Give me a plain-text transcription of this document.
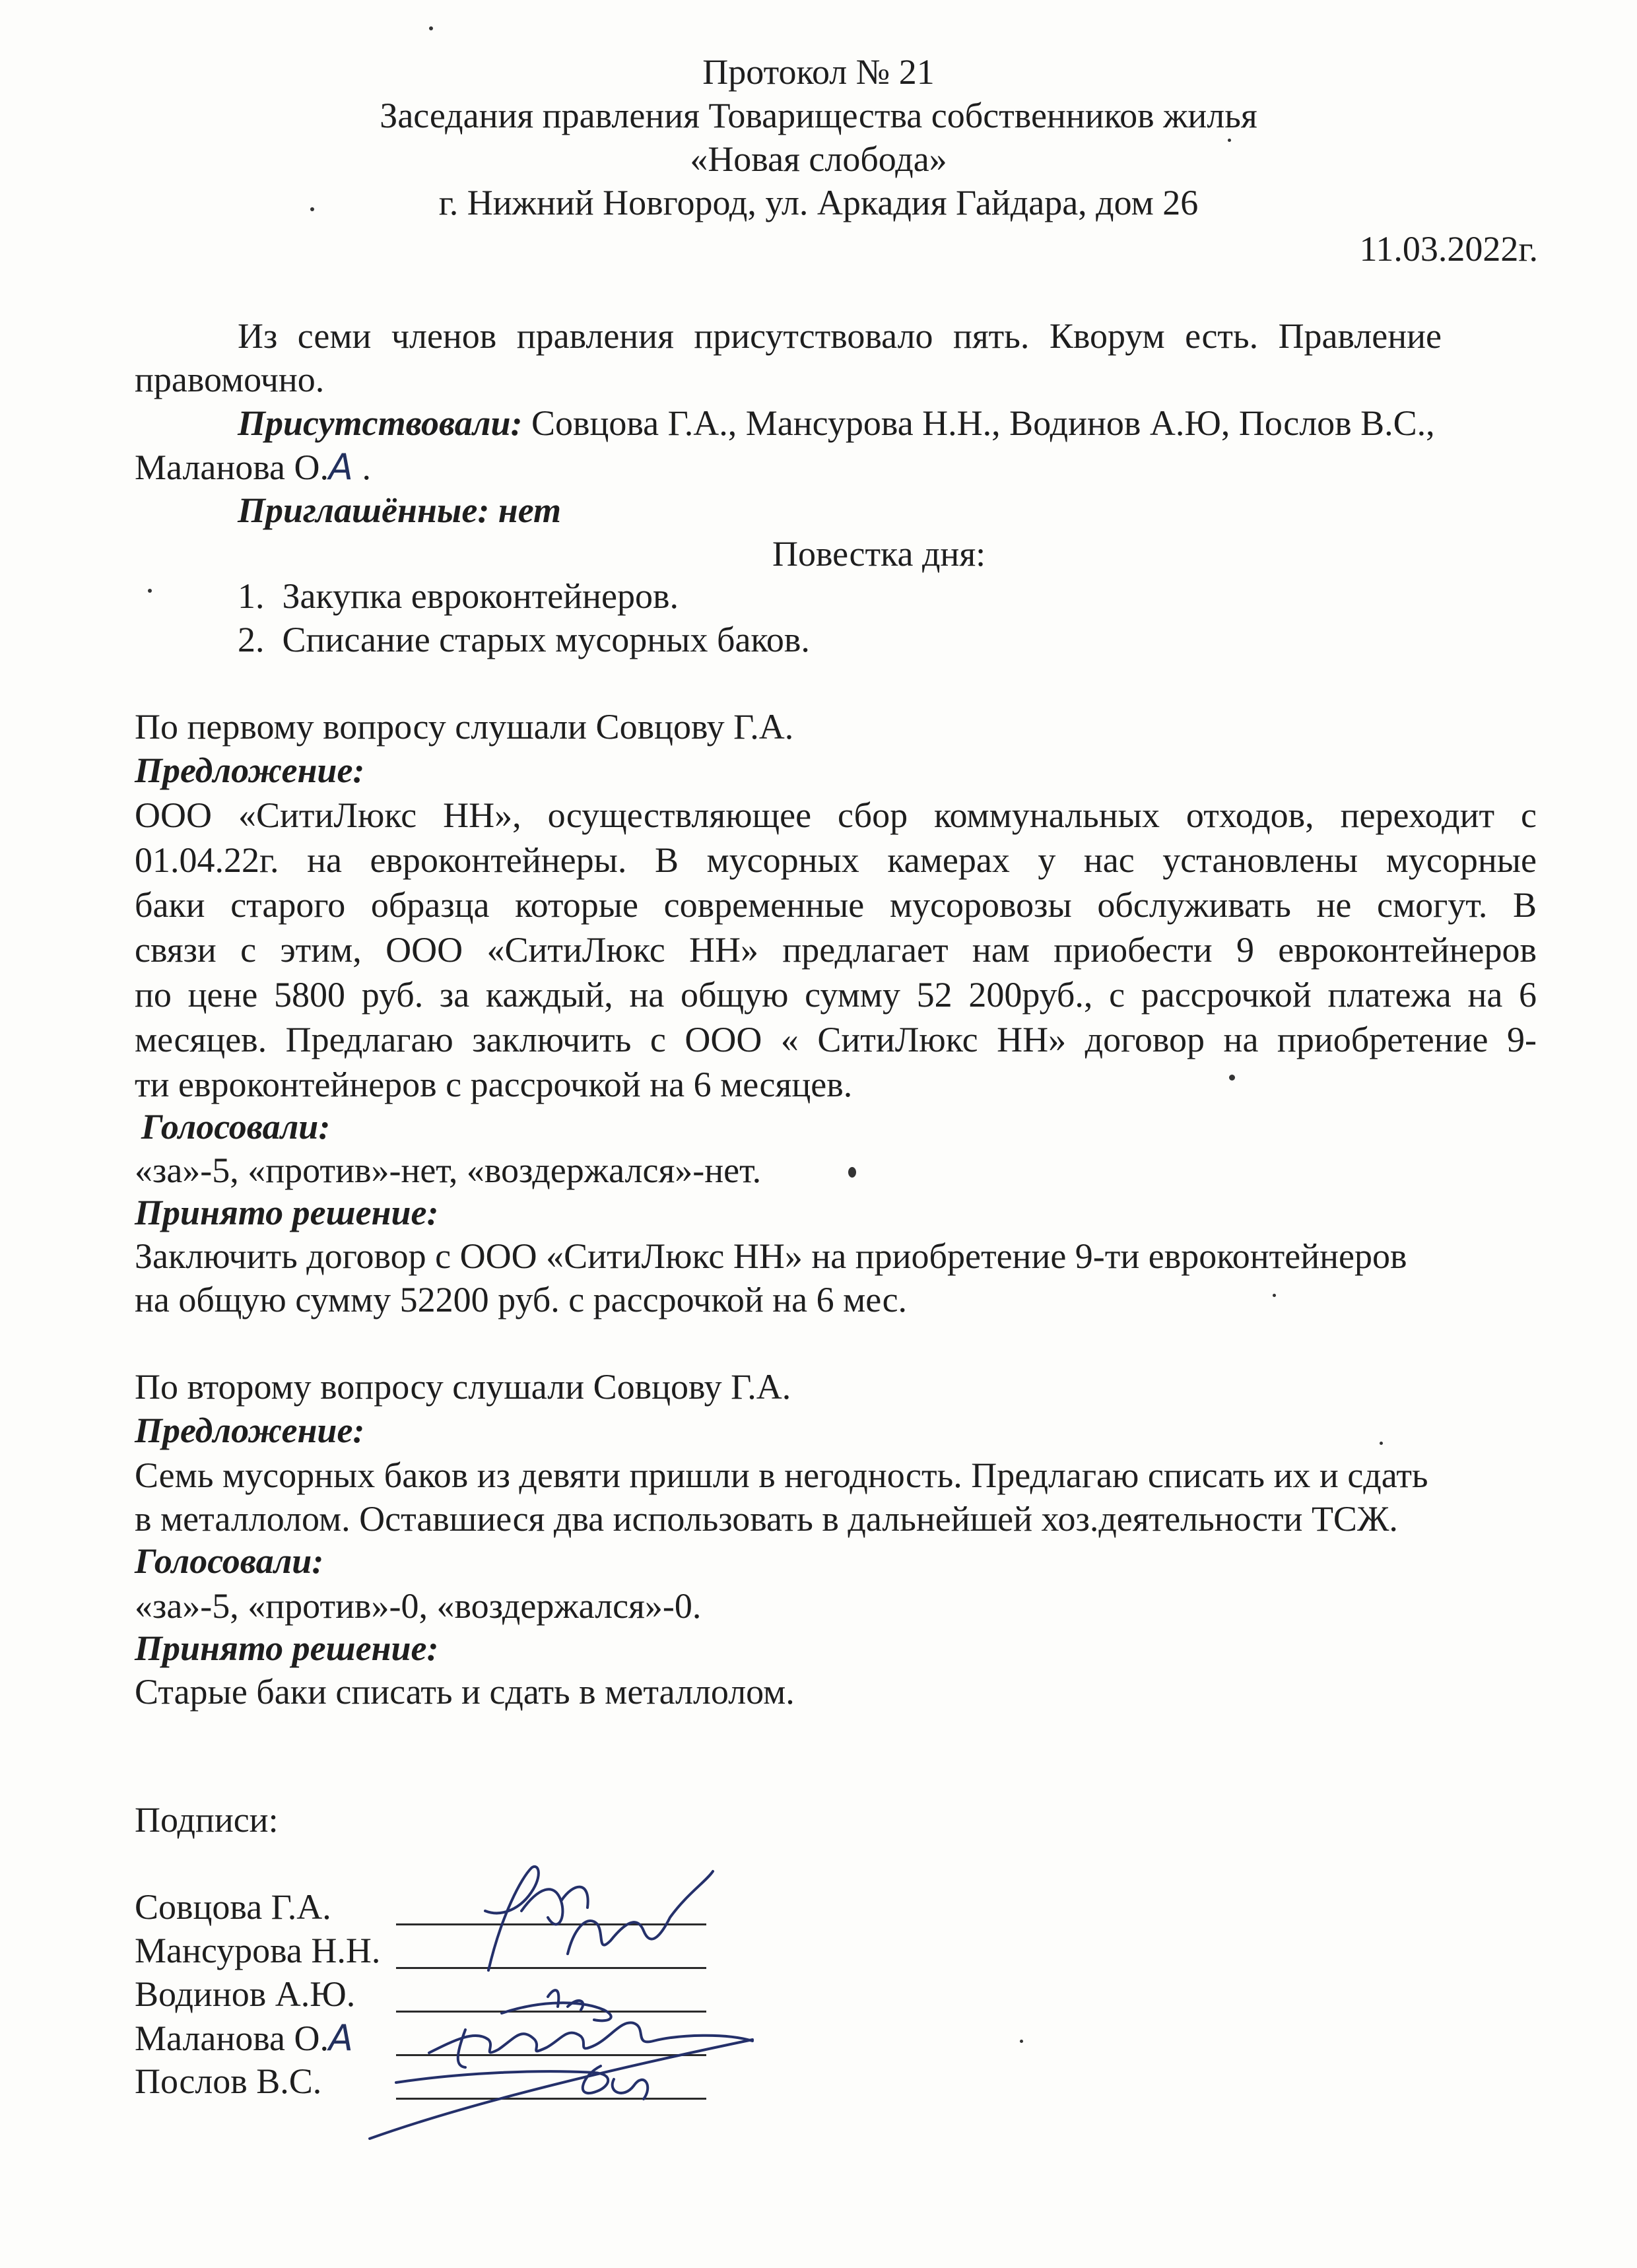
Протокол № 21
Заседания правления Товарищества собственников жилья
«Новая слобода»
г. Нижний Новгород, ул. Аркадия Гайдара, дом 26
11.03.2022г.
Из семи членов правления присутствовало пять. Кворум есть. Правление
правомочно.
Присутствовали: Совцова Г.А., Мансурова Н.Н., Водинов А.Ю, Послов В.С.,
Маланова О.А .
Приглашённые: нет
Повестка дня:
1.  Закупка евроконтейнеров.
2.  Списание старых мусорных баков.
По первому вопросу слушали Совцову Г.А.
Предложение:
ООО «СитиЛюкс НН», осуществляющее сбор коммунальных отходов, переходит с
01.04.22г. на евроконтейнеры. В мусорных камерах у нас установлены мусорные
баки старого образца которые современные мусоровозы обслуживать не смогут. В
связи с этим, ООО «СитиЛюкс НН» предлагает нам приобести 9 евроконтейнеров
по цене 5800 руб. за каждый, на общую сумму 52 200руб., с рассрочкой платежа на 6
месяцев. Предлагаю заключить с ООО « СитиЛюкс НН» договор на приобретение 9-
ти евроконтейнеров с рассрочкой на 6 месяцев.
Голосовали:
«за»-5, «против»-нет, «воздержался»-нет.
Принято решение:
Заключить договор с ООО «СитиЛюкс НН» на приобретение 9-ти евроконтейнеров
на общую сумму 52200 руб. с рассрочкой на 6 мес.
По второму вопросу слушали Совцову Г.А.
Предложение:
Семь мусорных баков из девяти пришли в негодность. Предлагаю списать их и сдать
в металлолом. Оставшиеся два использовать в дальнейшей хоз.деятельности ТСЖ.
Голосовали:
«за»-5, «против»-0, «воздержался»-0.
Принято решение:
Старые баки списать и сдать в металлолом.
Подписи:
Совцова Г.А.
Мансурова Н.Н.
Водинов А.Ю.
Маланова О.А
Послов В.С.
